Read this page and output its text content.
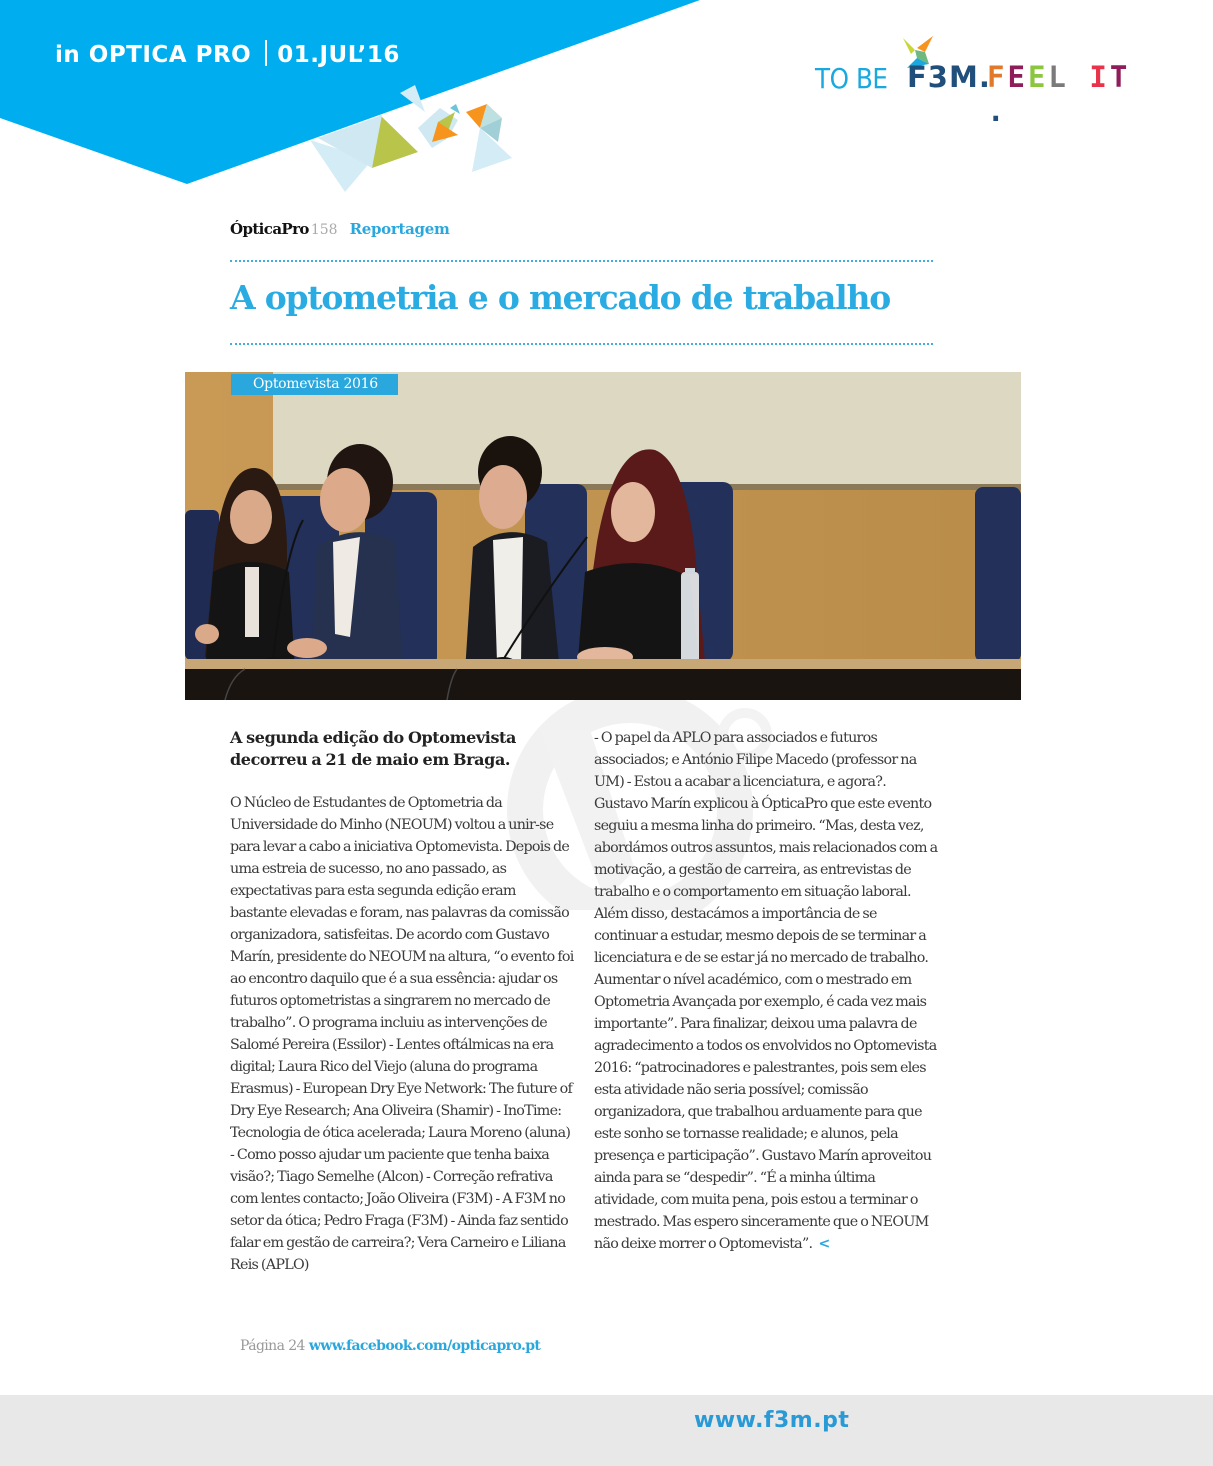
in OPTICA PRO 01.JUL’16
TO BE F3M.
FEEL IT.
ÓpticaPro 158 Reportagem
A optometria e o mercado de trabalho
Optomevista 2016
A segunda edição do Optomevista decorreu a 21 de maio em Braga.
O Núcleo de Estudantes de Optometria da Universidade do Minho (NEOUM) voltou a unir-se para levar a cabo a iniciativa Optomevista. Depois de uma estreia de sucesso, no ano passado, as expectativas para esta segunda edição eram bastante elevadas e foram, nas palavras da comissão organizadora, satisfeitas. De acordo com Gustavo Marín, presidente do NEOUM na altura, “o evento foi ao encontro daquilo que é a sua essência: ajudar os futuros optometristas a singrarem no mercado de trabalho”. O programa incluiu as intervenções de Salomé Pereira (Essilor) - Lentes oftálmicas na era digital; Laura Rico del Viejo (aluna do programa Erasmus) - European Dry Eye Network: The future of Dry Eye Research; Ana Oliveira (Shamir) - InoTime: Tecnologia de ótica acelerada; Laura Moreno (aluna) - Como posso ajudar um paciente que tenha baixa visão?; Tiago Semelhe (Alcon) - Correção refrativa com lentes contacto; João Oliveira (F3M) - A F3M no setor da ótica; Pedro Fraga (F3M) - Ainda faz sentido falar em gestão de carreira?; Vera Carneiro e Liliana Reis (APLO)
- O papel da APLO para associados e futuros associados; e António Filipe Macedo (professor na UM) - Estou a acabar a licenciatura, e agora?. Gustavo Marín explicou à ÓpticaPro que este evento seguiu a mesma linha do primeiro. “Mas, desta vez, abordámos outros assuntos, mais relacionados com a motivação, a gestão de carreira, as entrevistas de trabalho e o comportamento em situação laboral. Além disso, destacámos a importância de se continuar a estudar, mesmo depois de se terminar a licenciatura e de se estar já no mercado de trabalho. Aumentar o nível académico, com o mestrado em Optometria Avançada por exemplo, é cada vez mais importante”. Para finalizar, deixou uma palavra de agradecimento a todos os envolvidos no Optomevista 2016: “patrocinadores e palestrantes, pois sem eles esta atividade não seria possível; comissão organizadora, que trabalhou arduamente para que este sonho se tornasse realidade; e alunos, pela presença e participação”. Gustavo Marín aproveitou ainda para se “despedir”. “É a minha última atividade, com muita pena, pois estou a terminar o mestrado. Mas espero sinceramente que o NEOUM não deixe morrer o Optomevista”. <
Página 24 www.facebook.com/opticapro.pt
www.f3m.pt
